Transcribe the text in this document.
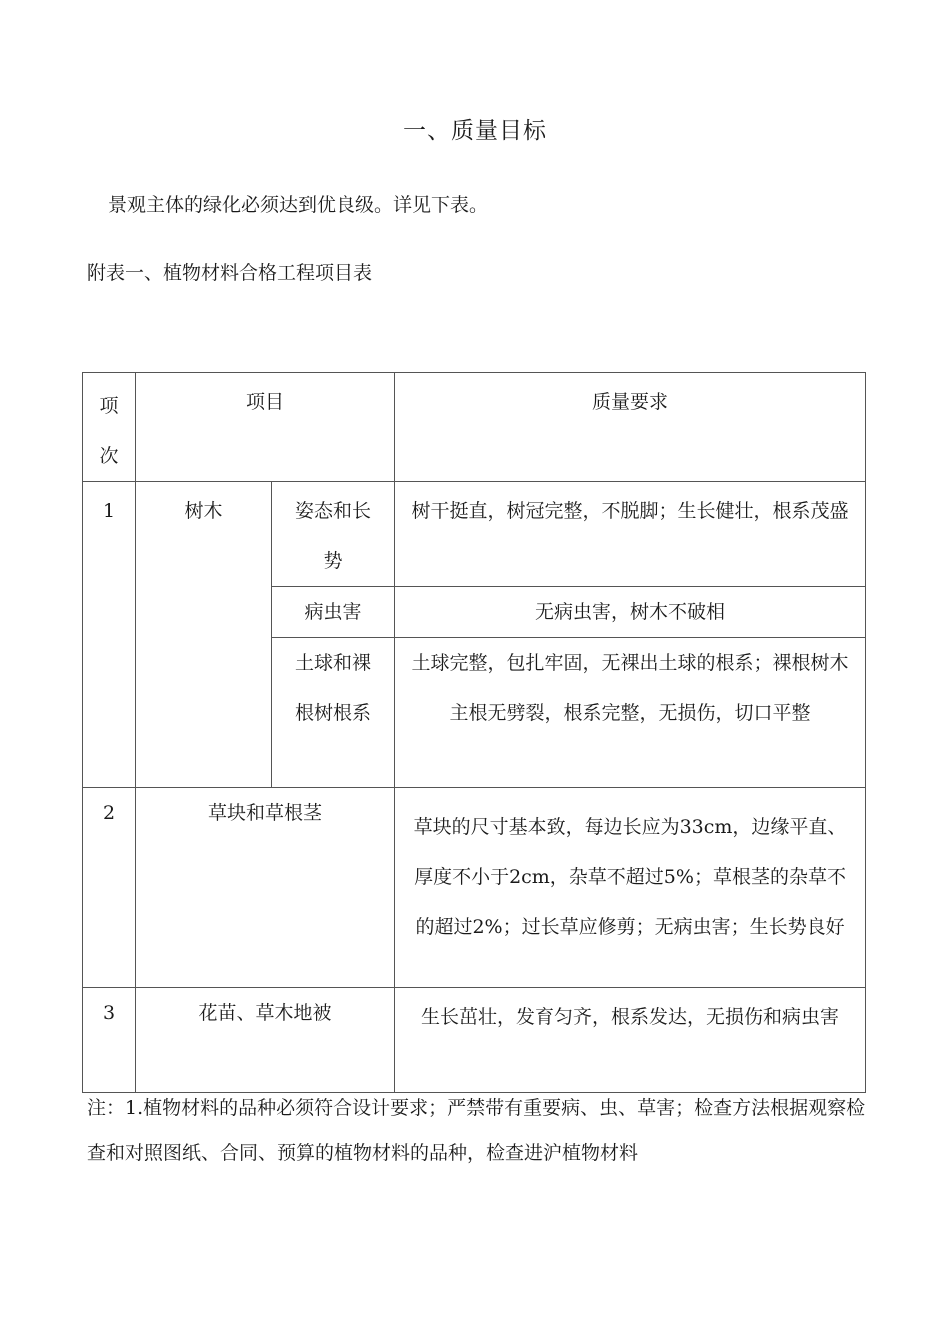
一、质量目标
景观主体的绿化必须达到优良级。详见下表。
附表一、植物材料合格工程项目表
项次	项目		质量要求
1	树木	姿态和长势	树干挺直，树冠完整，不脱脚；生长健壮，根系茂盛
		病虫害	无病虫害，树木不破相
		土球和裸根树根系	土球完整，包扎牢固，无裸出土球的根系；裸根树木主根无劈裂，根系完整，无损伤，切口平整
2	草块和草根茎		草块的尺寸基本致，每边长应为33cm，边缘平直、厚度不小于2cm，杂草不超过5%；草根茎的杂草不的超过2%；过长草应修剪；无病虫害；生长势良好
3	花苗、草木地被		生长茁壮，发育匀齐，根系发达，无损伤和病虫害
注：1.植物材料的品种必须符合设计要求；严禁带有重要病、虫、草害；检查方法根据观察检查和对照图纸、合同、预算的植物材料的品种，检查进沪植物材料
